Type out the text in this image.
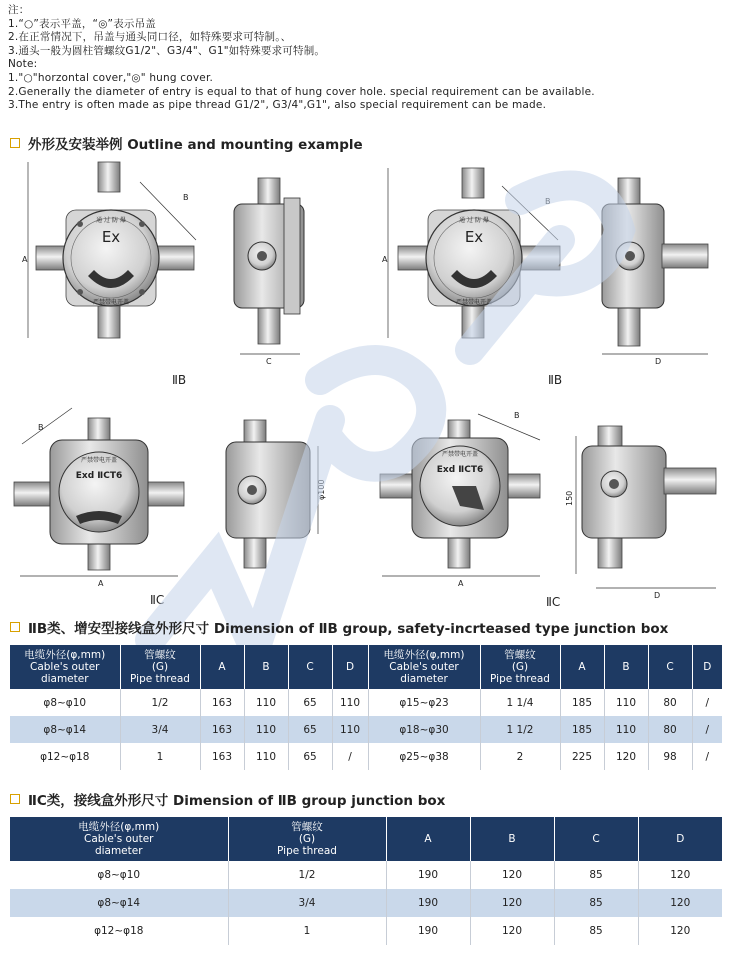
注：
1.“○”表示平盖，“◎”表示吊盖
2.在正常情况下，吊盖与通头同口径，如特殊要求可特制。、
3.通头一般为圆柱管螺纹G1/2"、G3/4"、G1"如特殊要求可特制。
Note:
1."○"horzontal cover,"◎" hung cover.
2.Generally the diameter of entry is equal to that of hung cover hole. special requirement can be available.
3.The entry is often made as pipe thread G1/2", G3/4",G1", also special requirement can be made.
外形及安装举例 Outline and mounting example
Ex
通 过 防 爆
严禁带电开盖
A
B
ⅡB
C
Ex
通 过 防 爆
严禁带电开盖
A
B
ⅡB
D
严禁带电开盖
Exd ⅡCT6
A
B
ⅡC
φ100
严禁带电开盖
Exd ⅡCT6
A
B
ⅡC
150
D
ⅡB类、增安型接线盒外形尺寸 Dimension of ⅡB group, safety-incrteased type junction box
电缆外径(φ,mm)
Cable's outer
diameter	管螺纹
(G)
Pipe thread	A	B	C	D	电缆外径(φ,mm)
Cable's outer
diameter	管螺纹
(G)
Pipe thread	A	B	C	D
φ8~φ10	1/2	163	110	65	110	φ15~φ23	1 1/4	185	110	80	/
φ8~φ14	3/4	163	110	65	110	φ18~φ30	1 1/2	185	110	80	/
φ12~φ18	1	163	110	65	/	φ25~φ38	2	225	120	98	/
ⅡC类，接线盒外形尺寸 Dimension of ⅡB group junction box
电缆外径(φ,mm)
Cable's outer
diameter	管螺纹
(G)
Pipe thread	A	B	C	D
φ8~φ10	1/2	190	120	85	120
φ8~φ14	3/4	190	120	85	120
φ12~φ18	1	190	120	85	120
